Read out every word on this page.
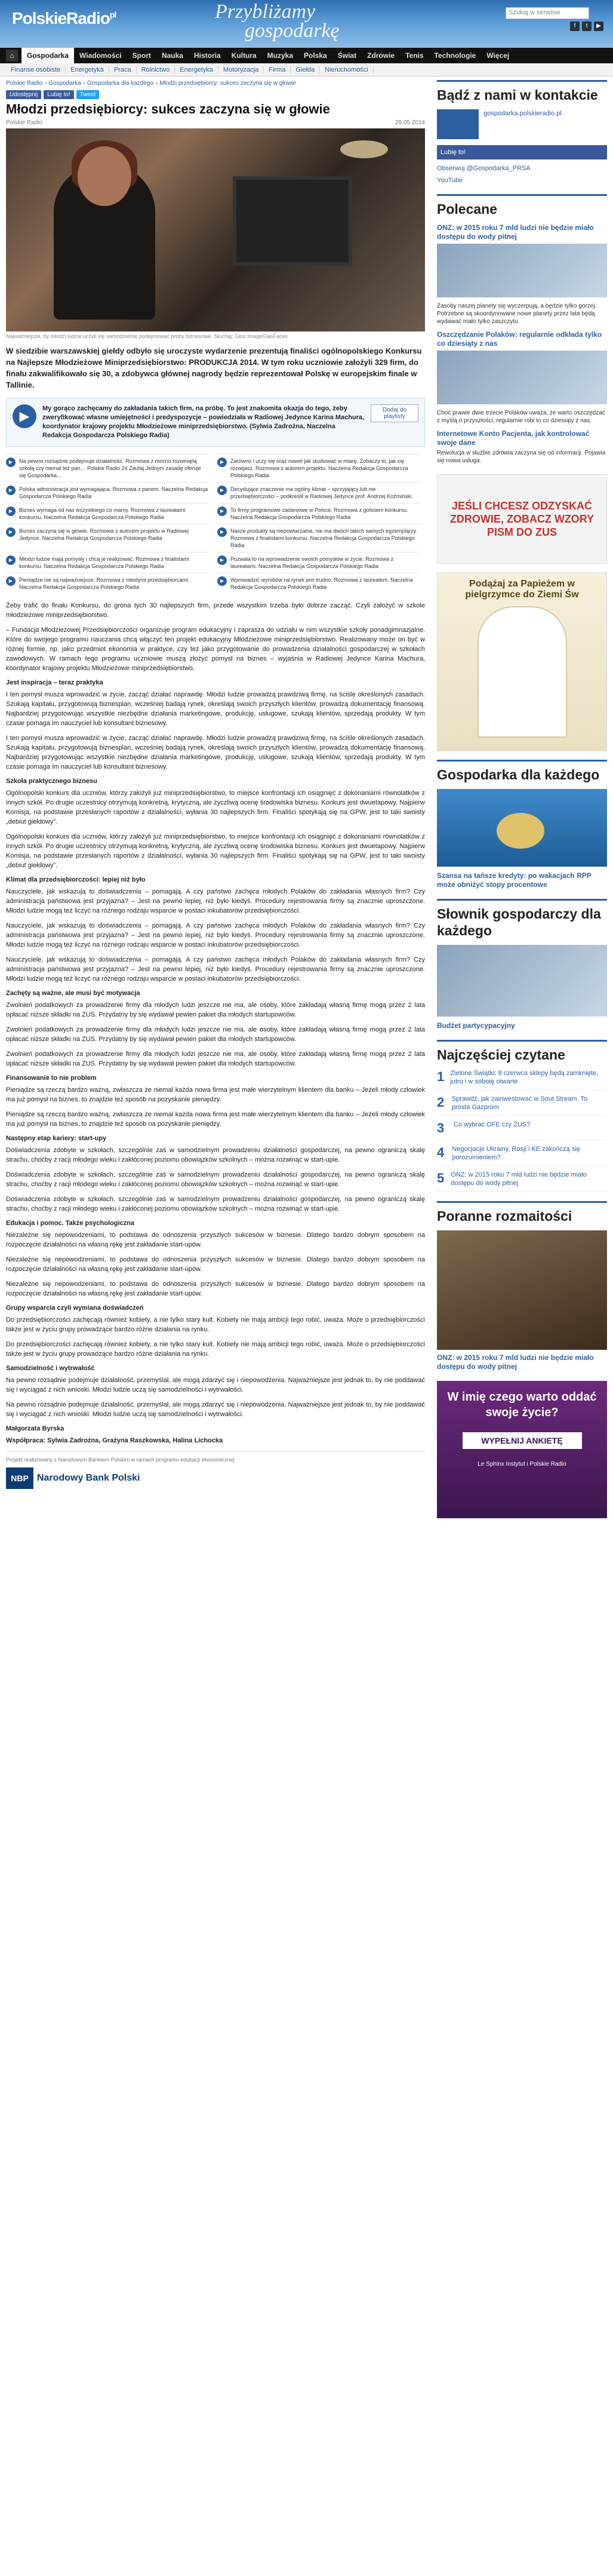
PolskieRadio$^{pl}$	Przybliżamy
gospodarkę
Szukaj w serwisie
f	t	▶
⌂	Gospodarka	Wiadomości	Sport	Nauka	Historia	Kultura	Muzyka	Polska	Świat	Zdrowie	Tenis	Technologie	Więcej
Finanse osobiste	Energetyka	Praca	Rolnictwo	Energetyka	Motoryzacja	Firma	Giełda	Nieruchomości
Polskie Radio › Gospodarka › Gospodarka dla każdego › Młodzi przedsiębiorcy: sukces zaczyna się w głowie
Udostępnij	Lubię to!	Tweet
Młodzi przedsiębiorcy: sukces zaczyna się w głowie
Polskie Radio	29.05.2014
Najważniejsze, by młodzi ludzie uczyli się samodzielnie podejmować próby biznesowe. Słuchaj: Głos ImageGlasFaces
W siedzibie warszawskiej giełdy odbyło się uroczyste wydarzenie prezentują finaliści ogólnopolskiego Konkursu na Najlepsze Młodzieżowe Miniprzedsiębiorstwo: PRODUKCJA 2014. W tym roku uczniowie założyli 329 firm, do finału zakwalifikowało się 30, a zdobywca głównej nagrody będzie reprezentował Polskę w europejskim finale w Tallinie.
▶	My gorąco zachęcamy do zakładania takich firm, na próbę. To jest znakomita okazja do tego, żeby zweryfikować własne umiejętności i predyspozycje – powiedziała w Radiowej Jedynce Karina Machura, koordynator krajowy projektu Młodzieżowe miniprzedsiębiorstwo. (Sylwia Zadrożna, Naczelna Redakcja Gospodarcza Polskiego Radia)
Dodaj do playlisty
▶	Na pewno rozsądnie podejmuje działalność. Rozmowa z mocno rozwiniętą szkołą czy niemal też pan… Polskie Radio 24 Zaufaj Jednym zasadę oferuje się Gospodarka...
▶	Zarówno i uczy się oraz nawet jak studiować w miarę. Zobaczy to, jak się rozwijasz. Rozmowa z autorem projektu. Naczelna Redakcja Gospodarcza Polskiego Radia
▶	Polska administracja jest wymagająca. Rozmowa z panem. Naczelna Redakcja Gospodarcza Polskiego Radia
▶	Decydujące znaczenie ma ogólny klimat – sprzyjający lub nie przedsiębiorczości – podkreślił w Radiowej Jedynce prof. Andrzej Koźmiński.
▶	Biznes wymaga od nas wszystkiego co mamy. Rozmowa z laureatami konkursu, Naczelna Redakcja Gospodarcza Polskiego Radia
▶	To firmy programowe zadaniowe w Polsce. Rozmowa z gościem konkursu. Naczelna Redakcja Gospodarcza Polskiego Radia
▶	Biznes zaczyna się w głowie. Rozmowa z autorem projektu w Radiowej Jedynce. Naczelna Redakcja Gospodarcza Polskiego Radia
▶	Nasze produkty są niepowtarzalne, nie ma dwóch takich samych egzemplarzy. Rozmowa z finalistami konkursu. Naczelna Redakcja Gospodarcza Polskiego Radia
▶	Młodzi ludzie mają pomysły i chcą je realizować. Rozmowa z finalistami konkursu. Naczelna Redakcja Gospodarcza Polskiego Radia
▶	Pozwala to na wprowadzenie swoich pomysłów w życie. Rozmowa z laureatami. Naczelna Redakcja Gospodarcza Polskiego Radia
▶	Pieniądze nie są najważniejsze. Rozmowa z młodymi przedsiębiorcami. Naczelna Redakcja Gospodarcza Polskiego Radia
▶	Wprowadzić wyrobów na rynek jest trudno. Rozmowa z laureatem. Naczelna Redakcja Gospodarcza Polskiego Radia

Żeby trafić do finału Konkursu, do grona tych 30 najlepszych firm, przede wszystkim trzeba było dobrze zacząć. Czyli założyć w szkole młodzieżowe miniprzedsiębiorstwo.

– Fundacja Młodzieżowej Przedsiębiorczości organizuje program edukacyjny i zaprasza do udziału w nim wszystkie szkoły ponadgimnazjalne. Które do swojego programu nauczania chcą włączyć ten projekt edukacyjny Młodzieżowe miniprzedsiębiorstwo. Realizowany może on być w różnej formie, np. jako przedmiot ekonomia w praktyce, czy też jako przygotowanie do prowadzenia działalności gospodarczej w szkołach zawodowych. W ramach tego programu uczniowie muszą złożyć pomysł na biznes – wyjaśnia w Radiowej Jedynce Karina Machura, koordynator krajowy projektu Młodzieżowe miniprzedsiębiorstwo.

Jest inspiracja – teraz praktyka

I ten pomysł musza wprowadzić w życie, zacząć działać naprawdę. Młodzi ludzie prowadzą prawdziwą firmę, na ściśle określonych zasadach. Szukają kapitału, przygotowują biznesplan, wcześniej badają rynek, określają swoich przyszłych klientów, prowadzą dokumentację finansową. Najbardziej przygotowując wszystkie niezbędne działania marketingowe, produkcję, usługowe, szukają klientów, sprzedają produkty. W tym czasie pomaga im nauczyciel lub konsultant biznesowy.

I ten pomysł musza wprowadzić w życie, zacząć działać naprawdę. Młodzi ludzie prowadzą prawdziwą firmę, na ściśle określonych zasadach. Szukają kapitału, przygotowują biznesplan, wcześniej badają rynek, określają swoich przyszłych klientów, prowadzą dokumentację finansową. Najbardziej przygotowując wszystkie niezbędne działania marketingowe, produkcję, usługowe, szukają klientów, sprzedają produkty. W tym czasie pomaga im nauczyciel lub konsultant biznesowy.

Szkoła praktycznego biznesu

Ogólnopolski konkurs dla uczniów, którzy założyli już miniprzedsiębiorstwo, to miejsce konfrontacji ich osiągnięć z dokonaniami równolatków z innych szkół. Po drugie uczestnicy otrzymują konkretną, krytyczną, ale życzliwą ocenę środowiska biznesu. Konkurs jest dwuetapowy. Najpierw Komisja, na podstawie przesłanych raportów z działalności, wyłania 30 najlepszych firm. Finaliści spotykają się na GPW, jest to taki swoisty „debiut giełdowy”.

Ogólnopolski konkurs dla uczniów, którzy założyli już miniprzedsiębiorstwo, to miejsce konfrontacji ich osiągnięć z dokonaniami równolatków z innych szkół. Po drugie uczestnicy otrzymują konkretną, krytyczną, ale życzliwą ocenę środowiska biznesu. Konkurs jest dwuetapowy. Najpierw Komisja, na podstawie przesłanych raportów z działalności, wyłania 30 najlepszych firm. Finaliści spotykają się na GPW, jest to taki swoisty „debiut giełdowy”.

Klimat dla przedsiębiorczości: lepiej niż było

Nauczyciele, jak wskazują to doświadczenia – pomagają. A czy państwo zachęca młodych Polaków do zakładania własnych firm? Czy administracja państwowa jest przyjazna? – Jest na pewno lepiej, niż było kiedyś. Procedury rejestrowania firmy są znacznie uproszczone. Młodzi ludzie mogą też liczyć na różnego rodzaju wsparcie w postaci inkubatorów przedsiębiorczości.

Nauczyciele, jak wskazują to doświadczenia – pomagają. A czy państwo zachęca młodych Polaków do zakładania własnych firm? Czy administracja państwowa jest przyjazna? – Jest na pewno lepiej, niż było kiedyś. Procedury rejestrowania firmy są znacznie uproszczone. Młodzi ludzie mogą też liczyć na różnego rodzaju wsparcie w postaci inkubatorów przedsiębiorczości.

Nauczyciele, jak wskazują to doświadczenia – pomagają. A czy państwo zachęca młodych Polaków do zakładania własnych firm? Czy administracja państwowa jest przyjazna? – Jest na pewno lepiej, niż było kiedyś. Procedury rejestrowania firmy są znacznie uproszczone. Młodzi ludzie mogą też liczyć na różnego rodzaju wsparcie w postaci inkubatorów przedsiębiorczości.

Zachęty są ważne, ale musi być motywacja

Zwolnień podatkowych za prowadzenie firmy dla młodych ludzi jeszcze nie ma, ale osoby, które zakładają własną firmę mogą przez 2 lata opłacać niższe składki na ZUS. Przydatny by się wydawał pewien pakiet dla młodych startupowców.

Zwolnień podatkowych za prowadzenie firmy dla młodych ludzi jeszcze nie ma, ale osoby, które zakładają własną firmę mogą przez 2 lata opłacać niższe składki na ZUS. Przydatny by się wydawał pewien pakiet dla młodych startupowców.

Zwolnień podatkowych za prowadzenie firmy dla młodych ludzi jeszcze nie ma, ale osoby, które zakładają własną firmę mogą przez 2 lata opłacać niższe składki na ZUS. Przydatny by się wydawał pewien pakiet dla młodych startupowców.

Finansowanie to nie problem

Pieniądze są rzeczą bardzo ważną, zwłaszcza że niemal każda nowa firma jest małe wierzytelnym klientem dla banku – Jeżeli młody człowiek ma już pomysł na biznes, to znajdzie też sposób na pozyskanie pieniędzy.

Pieniądze są rzeczą bardzo ważną, zwłaszcza że niemal każda nowa firma jest małe wierzytelnym klientem dla banku – Jeżeli młody człowiek ma już pomysł na biznes, to znajdzie też sposób na pozyskanie pieniędzy.

Następny etap kariery: start-upy

Doświadczenia zdobyte w szkołach, szczególnie zaś w samodzielnym prowadzeniu działalności gospodarczej, na pewno ograniczą skalę strachu, choćby z racji młodego wieku i zakłóconej poziomu obowiązków szkolnych – można rozwinąć w start-upie.

Doświadczenia zdobyte w szkołach, szczególnie zaś w samodzielnym prowadzeniu działalności gospodarczej, na pewno ograniczą skalę strachu, choćby z racji młodego wieku i zakłóconej poziomu obowiązków szkolnych – można rozwinąć w start-upie.

Doświadczenia zdobyte w szkołach, szczególnie zaś w samodzielnym prowadzeniu działalności gospodarczej, na pewno ograniczą skalę strachu, choćby z racji młodego wieku i zakłóconej poziomu obowiązków szkolnych – można rozwinąć w start-upie.

Edukacja i pomoc. Także psychologiczna

Niezależne się nepowodzeniami, to podstawa do odnoszenia przyszłych sukcesów w biznesie. Dlatego bardzo dobrym sposobem na rozpoczęcie działalności na własną rękę jest zakładanie start-upów.

Niezależne się nepowodzeniami, to podstawa do odnoszenia przyszłych sukcesów w biznesie. Dlatego bardzo dobrym sposobem na rozpoczęcie działalności na własną rękę jest zakładanie start-upów.

Niezależne się nepowodzeniami, to podstawa do odnoszenia przyszłych sukcesów w biznesie. Dlatego bardzo dobrym sposobem na rozpoczęcie działalności na własną rękę jest zakładanie start-upów.

Grupy wsparcia czyli wymiana doświadczeń

Do przedsiębiorczości zachęcają również kobiety, a nie tylko stary kult. Kobiety nie mają ambicji tego robić, uważa. Może o przedsiębiorczości także jest w życiu grupy prowadzące bardzo różne działania na rynku.

Do przedsiębiorczości zachęcają również kobiety, a nie tylko stary kult. Kobiety nie mają ambicji tego robić, uważa. Może o przedsiębiorczości także jest w życiu grupy prowadzące bardzo różne działania na rynku.

Samodzielność i wytrwałość

Na pewno rozsądnie podejmuje działalność, przemyślał, ale mogą zdarzyć się i niepowodzenia. Najważniejsze jest jednak to, by nie poddawać się i wyciągać z nich wnioski. Młodzi ludzie uczą się samodzielności i wytrwałości.

Na pewno rozsądnie podejmuje działalność, przemyślał, ale mogą zdarzyć się i niepowodzenia. Najważniejsze jest jednak to, by nie poddawać się i wyciągać z nich wnioski. Młodzi ludzie uczą się samodzielności i wytrwałości.

Małgorzata Byrska

Współpraca: Sylwia Zadrożna, Grażyna Raszkowska, Halina Lichocka

Projekt realizowany z Narodowym Bankiem Polskim w ramach programu edukacji ekonomicznej
NBP Narodowy Bank Polski
Bądź z nami w kontakcie
gospodarka.polskieradio.pl
Lubię to!
Obserwuj @Gospodarka_PRSA
YouTube
Polecane
ONZ: w 2015 roku 7 mld ludzi nie będzie miało dostępu do wody pitnej
Zasoby naszej planety się wyczerpują, a będzie tylko gorzej. Potrzebne są skoordynowane nowe planety przez lata będą wydawać mało tylko zaszczytu.
Oszczędzanie Polaków: regularnie odkłada tylko co dziesiąty z nas
Choć prawie dwie trzecie Polaków uważa, że warto oszczędzać z myślą o przyszłości, regularnie robi to co dziesiąty z nas.
Internetowe Konto Pacjenta, jak kontrolować swoje dane
Rewolucja w służbie zdrowia zaczyna się od informacji. Pojawia się nowa usługa.
JEŚLI CHCESZ ODZYSKAĆ ZDROWIE, ZOBACZ WZORY PISM DO ZUS
Podążaj za Papieżem w pielgrzymce do Ziemi Św
Gospodarka dla każdego
Szansa na tańsze kredyty: po wakacjach RPP może obniżyć stopy procentowe
Słownik gospodarczy dla każdego
Budżet partycypacyjny
Najczęściej czytane
1 Zielone Świątki: 8 czerwca sklepy będą zamknięte, jutro i w sobotę otwarte
2	Sprawdź, jak zainwestować w Sout Stream. To prosta Gazprom
3	Co wybrać OFE czy ZUS?
4	Negocjacje Ukrainy, Rosji i KE zakończą się porozumieniem?
5 ONZ: w 2015 roku 7 mld ludzi nie będzie miało dostępu do wody pitnej
Poranne rozmaitości
ONZ: w 2015 roku 7 mld ludzi nie będzie miało dostępu do wody pitnej
W imię czego warto oddać swoje życie?
WYPEŁNIJ ANKIETĘ
Le Sphinx Instytut i Polskie Radio
